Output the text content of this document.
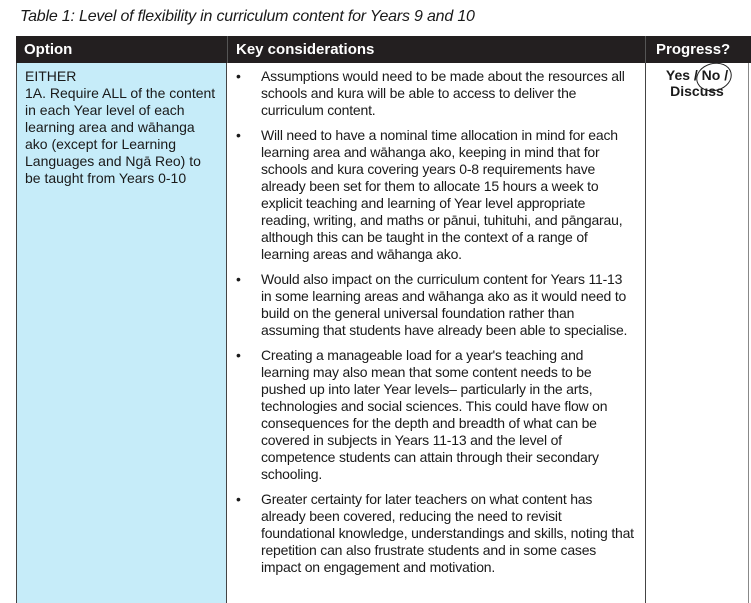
Table 1: Level of flexibility in curriculum content for Years 9 and 10
Option	Key considerations	Progress?

EITHER

1A. Require ALL of the content in each Year level of each learning area and wāhanga ako (except for Learning Languages and Ngā Reo) to be taught from Years 0-10

• Assumptions would need to be made about the resources all schools and kura will be able to access to deliver the curriculum content.
• Will need to have a nominal time allocation in mind for each learning area and wāhanga ako, keeping in mind that for schools and kura covering years 0-8 requirements have already been set for them to allocate 15 hours a week to explicit teaching and learning of Year level appropriate reading, writing, and maths or pānui, tuhituhi, and pāngarau, although this can be taught in the context of a range of learning areas and wāhanga ako.
• Would also impact on the curriculum content for Years 11-13 in some learning areas and wāhanga ako as it would need to build on the general universal foundation rather than assuming that students have already been able to specialise.
• Creating a manageable load for a year's teaching and learning may also mean that some content needs to be pushed up into later Year levels– particularly in the arts, technologies and social sciences. This could have flow on consequences for the depth and breadth of what can be covered in subjects in Years 11-13 and the level of competence students can attain through their secondary schooling.
• Greater certainty for later teachers on what content has already been covered, reducing the need to revisit foundational knowledge, understandings and skills, noting that repetition can also frustrate students and in some cases impact on engagement and motivation.
Yes / No /
Discuss
